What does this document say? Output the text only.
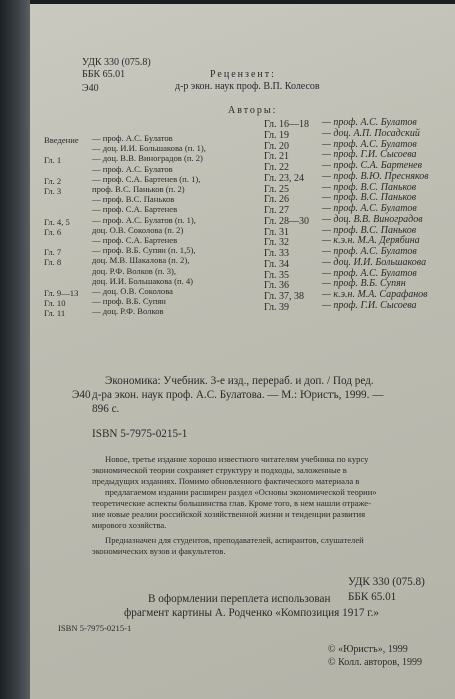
УДК 330 (075.8)
ББК 65.01
Э40
Рецензент:
д-р экон. наук проф. В.П. Колесов
Авторы:
Введение — проф. А.С. Булатов
— доц. И.И. Большакова (п. 1),
Гл. 1	— доц. В.В. Виноградов (п. 2)
— проф. А.С. Булатов
Гл. 2	— проф. С.А. Бартенев (п. 1),
Гл. 3	проф. В.С. Паньков (п. 2)
— проф. В.С. Паньков
— проф. С.А. Бартенев
Гл. 4, 5	— проф. А.С. Булатов (п. 1),
Гл. 6	доц. О.В. Соколова (п. 2)
— проф. С.А. Бартенев
Гл. 7	— проф. В.Б. Супян (п. 1,5),
Гл. 8	доц. М.В. Шакалова (п. 2),
доц. Р.Ф. Волков (п. 3),
доц. И.И. Большакова (п. 4)
Гл. 9—13 — доц. О.В. Соколова
Гл. 10	— проф. В.Б. Супян
Гл. 11	— доц. Р.Ф. Волков
Гл. 16—18 — проф. А.С. Булатов
Гл. 19	— доц. А.П. Посадский
Гл. 20	— проф. А.С. Булатов
Гл. 21	— проф. Г.И. Сысоева
Гл. 22	— проф. С.А. Бартенев
Гл. 23, 24 — проф. В.Ю. Пресняков
Гл. 25	— проф. В.С. Паньков
Гл. 26	— проф. В.С. Паньков
Гл. 27	— проф. А.С. Булатов
Гл. 28—30 — доц. В.В. Виноградов
Гл. 31	— проф. В.С. Паньков
Гл. 32	— к.э.н. М.А. Дерябина
Гл. 33	— проф. А.С. Булатов
Гл. 34	— доц. И.И. Большакова
Гл. 35	— проф. А.С. Булатов
Гл. 36	— проф. В.Б. Супян
Гл. 37, 38 — к.э.н. М.А. Сарафанов
Гл. 39	— проф. Г.И. Сысоева
Э40
Экономика: Учебник. 3-е изд., перераб. и доп. / Под ред.
д-ра экон. наук проф. А.С. Булатова. — М.: Юристъ, 1999. —
896 с.
ISBN 5-7975-0215-1
Новое, третье издание хорошо известного читателям учебника по курсу
экономической теории сохраняет структуру и подходы, заложенные в
предыдущих изданиях. Помимо обновленного фактического материала в
предлагаемом издании расширен раздел «Основы экономической теории»
теоретические аспекты большинства глав. Кроме того, в нем нашли отраже-
ние новые реалии российской хозяйственной жизни и тенденции развития
мирового хозяйства.
Предназначен для студентов, преподавателей, аспирантов, слушателей
экономических вузов и факультетов.
УДК 330 (075.8)
ББК 65.01
В оформлении переплета использован
фрагмент картины А. Родченко «Композиция 1917 г.»
ISBN 5-7975-0215-1
© «Юристъ», 1999
© Колл. авторов, 1999
